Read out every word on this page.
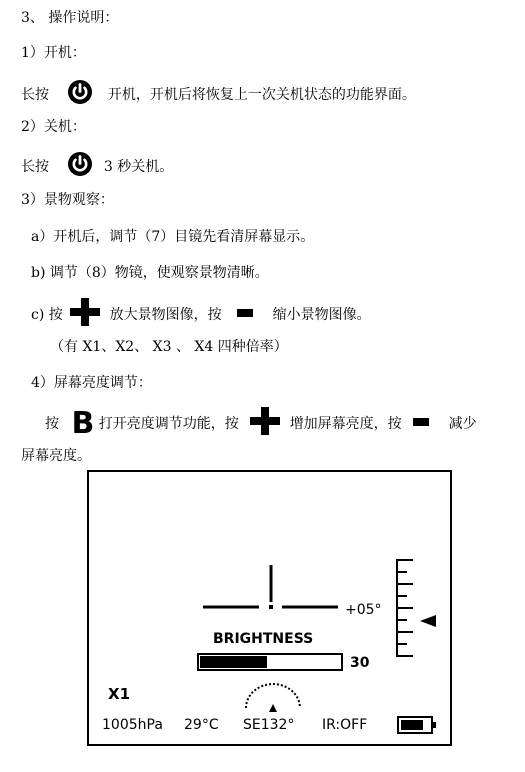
3、 操作说明：
1）开机：
长按	开机，开机后将恢复上一次关机状态的功能界面。
2）关机：
长按	3 秒关机。
3）景物观察：
a）开机后，调节（7）目镜先看清屏幕显示。
b) 调节（8）物镜，使观察景物清晰。
c) 按	放大景物图像，按	缩小景物图像。
（有 X1、X2、 X3 、 X4 四种倍率）
4）屏幕亮度调节：
按 B 打开亮度调节功能，按	增加屏幕亮度，按	减少
屏幕亮度。
+05°
BRIGHTNESS
30
X1
1005hPa 29°C SE132° IR:OFF
